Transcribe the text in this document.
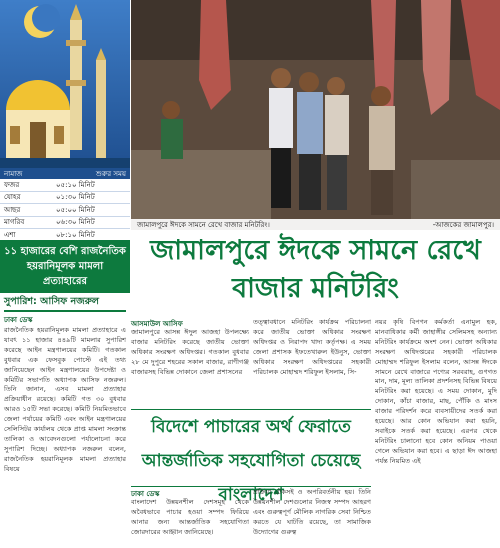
নামাজ	শুরুর সময়
ফজর	০৫:১০ মিনিট
যোহর	০১:৩০ মিনিট
আছর	০৫:০০ মিনিট
মাগরিব	০৬:৩০ মিনিট
এশা	০৮:১০ মিনিট
জামালপুরে ঈদকে সামনে রেখে বাজার মনিটরিং।	-আজকের জামালপুর।
১১ হাজারের বেশি রাজনৈতিক হয়রানিমূলক মামলা প্রত্যাহারের
সুপারিশ: আসিফ নজরুল
ঢাকা ডেস্ক
রাজনৈতিক হয়রানিমূলক মামলা প্রত্যাহারে এ যাবৎ ১১ হাজার ৪৪৯টি মামলার সুপারিশ করেছে আইন মন্ত্রণালয়ের কমিটি। গতকাল বুধবার এক ফেসবুক পোস্টে এই তথ্য জানিয়েছেন আইন মন্ত্রণালয়ের উপদেষ্টা ও কমিটির সভাপতি অধ্যাপক আসিফ নজরুল। তিনি জানান, এসব মামলা প্রত্যাহার প্রক্রিয়াধীন রয়েছে। কমিটি গত ৩০ বুধবার আরও ১৫টি সভা করেছে। কমিটি নিয়মিতভাবে জেলা পর্যায়ের কমিটি এবং আইন মন্ত্রণালয়ের সেলিসিটর কার্যালয় থেকে প্রাপ্ত মামলা সংক্রান্ত তালিকা ও আবেদনগুলো পর্যালোচনা করে সুপারিশ দিচ্ছে। অধ্যাপক নজরুল বলেন, রাজনৈতিক হয়রানিমূলক মামলা প্রত্যাহার বিষয়ে
জামালপুরে ঈদকে সামনে রেখে বাজার মনিটরিং
আসমাউল আসিফ
জামালপুরে আসন্ন ঈদুল আজহা উপলক্ষ্যে বাজার মনিটরিং করেছে জাতীয় ভোক্তা অধিকার সংরক্ষণ অধিদপ্তর। গতকাল বুধবার ২৮ মে দুপুরে শহরের সকাল বাজার, রাণীগঞ্জ বাজারসহ বিভিন্ন দোকানে জেলা প্রশাসনের
তত্ত্বাবধানে মনিটরিং কার্যক্রম পরিচালনা করে জাতীয় ভোক্তা অধিকার সংরক্ষণ অধিদপ্তর ও নিরাপদ খাদ্য কর্তৃপক্ষ। এ সময় জেলা প্রশাসক ইফতেখারুল ইউনুস, ভোক্তা অধিকার সংরক্ষণ অধিদপ্তরের সহকারী পরিচালক মোহাম্মদ শরিফুল ইসলাম, সি-
নয়র কৃষি বিপণন কর্মকর্তা এনামুল হক, মানবাধিকার কর্মী জাহাঙ্গীর সেলিমসহ অন্যান্য মনিটরিং কার্যক্রমে অংশ নেন। ভোক্তা অধিকার সংরক্ষণ অধিদপ্তরের সহকারী পরিচালক মোহাম্মদ শরিফুল ইসলাম বলেন, আসন্ন ঈদকে সামনে রেখে বাজারে পণ্যের সরবরাহ, গুণগত মান, দাম, মূল্য তালিকা প্রদর্শনসহ বিভিন্ন বিষয়ে মনিটরিং করা হয়েছে। এ সময় দোকান, মুদি দোকান, কাঁচা বাজার, মাছ, পৌঁকি ও মাংস বাজার পরিদর্শন করে ব্যবসায়ীদের সতর্ক করা হয়েছে। আর কোন অভিযান করা হয়নি, সবাইকে সতর্ক করা হয়েছে। এরপর থেকে মনিটরিং চালানো হবে কোন অনিয়ম পাওয়া গেলে অভিযান করা হবে। এ ছাড়া ঈদ আজহা পর্যন্ত নিয়মিত এই
বিদেশে পাচারের অর্থ ফেরাতে আন্তর্জাতিক সহযোগিতা চেয়েছে বাংলাদেশ
ঢাকা ডেস্ক
বাংলাদেশ উন্নয়নশীল দেশসমূহ থেকে অবৈধভাবে পাচার হওয়া সম্পদ ফিরিয়ে আনার জন্য আন্তর্জাতিক সহযোগিতা জোরদারের আহ্বান জানিয়েছে।
প্রক্রিয়া টেকসই ও অপরিবর্তনীয় হয়। তিনি উন্নয়নশীল দেশগুলোর নিজস্ব সম্পদ আহরণ এবং গুরুত্বপূর্ণ মৌলিক নাগরিক সেবা নিশ্চিত করতে যে ঘাটতি রয়েছে, তা সামাজিক উদ্যোগের গুরুত্ব
